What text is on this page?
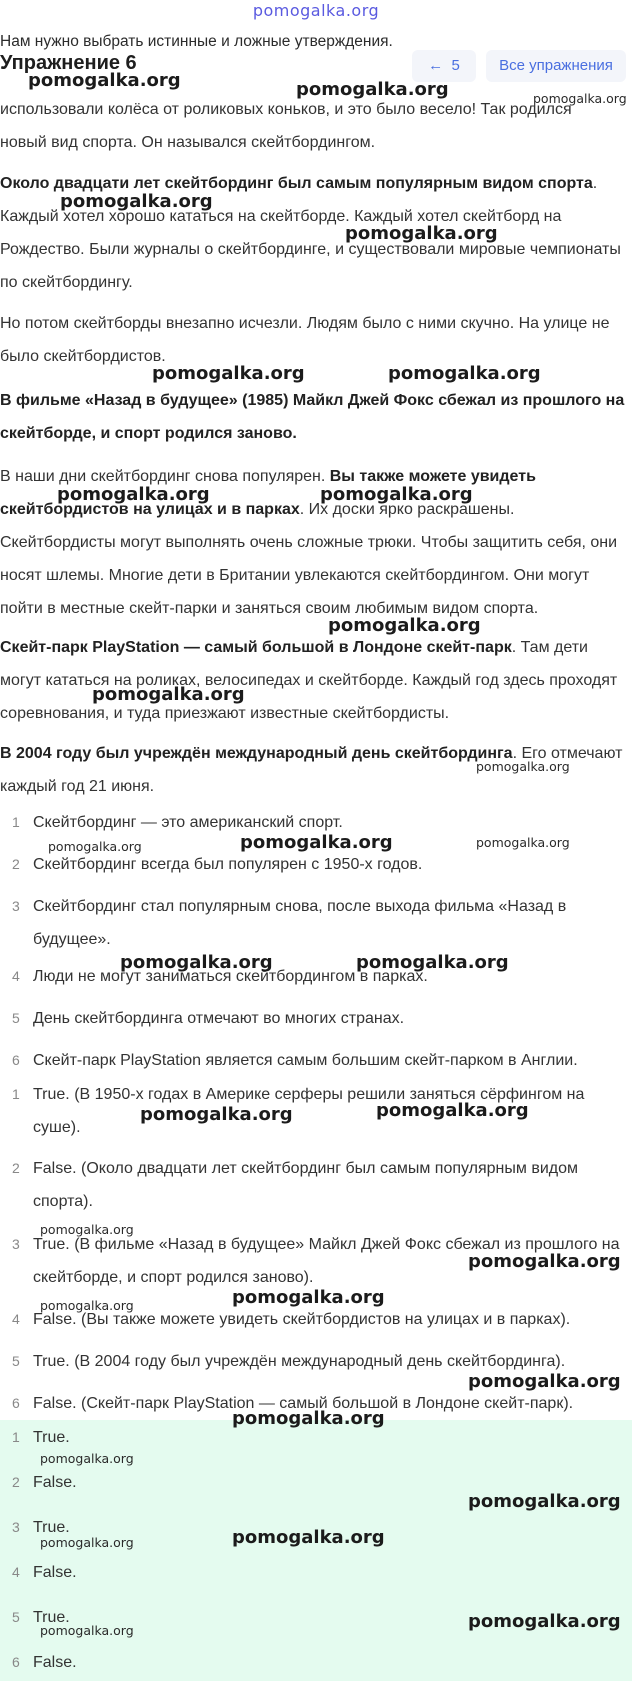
pomogalka.org
Нам нужно выбрать истинные и ложные утверждения.
Упражнение 6	← 5	Все упражнения
использовали колёса от роликовых коньков, и это было весело! Так родился
новый вид спорта. Он назывался скейтбордингом.
Около двадцати лет скейтбординг был самым популярным видом спорта. Каждый хотел хорошо кататься на скейтборде. Каждый хотел скейтборд на Рождество. Были журналы о скейтбординге, и существовали мировые чемпионаты по скейтбордингу.
Но потом скейтборды внезапно исчезли. Людям было с ними скучно. На улице не было скейтбордистов.
В фильме «Назад в будущее» (1985) Майкл Джей Фокс сбежал из прошлого на скейтборде, и спорт родился заново.
В наши дни скейтбординг снова популярен. Вы также можете увидеть скейтбордистов на улицах и в парках. Их доски ярко раскрашены. Скейтбордисты могут выполнять очень сложные трюки. Чтобы защитить себя, они носят шлемы. Многие дети в Британии увлекаются скейтбордингом. Они могут пойти в местные скейт-парки и заняться своим любимым видом спорта.
Скейт-парк PlayStation — самый большой в Лондоне скейт-парк. Там дети могут кататься на роликах, велосипедах и скейтборде. Каждый год здесь проходят соревнования, и туда приезжают известные скейтбордисты.
В 2004 году был учреждён международный день скейтбординга. Его отмечают каждый год 21 июня.
1 Скейтбординг — это американский спорт.
2 Скейтбординг всегда был популярен с 1950-х годов.
3 Скейтбординг стал популярным снова, после выхода фильма «Назад в будущее».
4 Люди не могут заниматься скейтбордингом в парках.
5 День скейтбординга отмечают во многих странах.
6 Скейт-парк PlayStation является самым большим скейт-парком в Англии.
1 True. (В 1950-х годах в Америке серферы решили заняться сёрфингом на суше).
2 False. (Около двадцати лет скейтбординг был самым популярным видом спорта).
3 True. (В фильме «Назад в будущее» Майкл Джей Фокс сбежал из прошлого на скейтборде, и спорт родился заново).
4 False. (Вы также можете увидеть скейтбордистов на улицах и в парках).
5 True. (В 2004 году был учреждён международный день скейтбординга).
6 False. (Скейт-парк PlayStation — самый большой в Лондоне скейт-парк).
1 True.
2 False.
3 True.
4 False.
5 True.
6 False.
pomogalka.org	pomogalka.org	pomogalka.org
pomogalka.org
pomogalka.org
pomogalka.org	pomogalka.org
pomogalka.org	pomogalka.org
pomogalka.org
pomogalka.org
pomogalka.org
pomogalka.org	pomogalka.org	pomogalka.org
pomogalka.org	pomogalka.org
pomogalka.org	pomogalka.org
pomogalka.org
pomogalka.org
pomogalka.org	pomogalka.org
pomogalka.org
pomogalka.org
pomogalka.org
pomogalka.org
pomogalka.org	pomogalka.org
pomogalka.org
pomogalka.org
